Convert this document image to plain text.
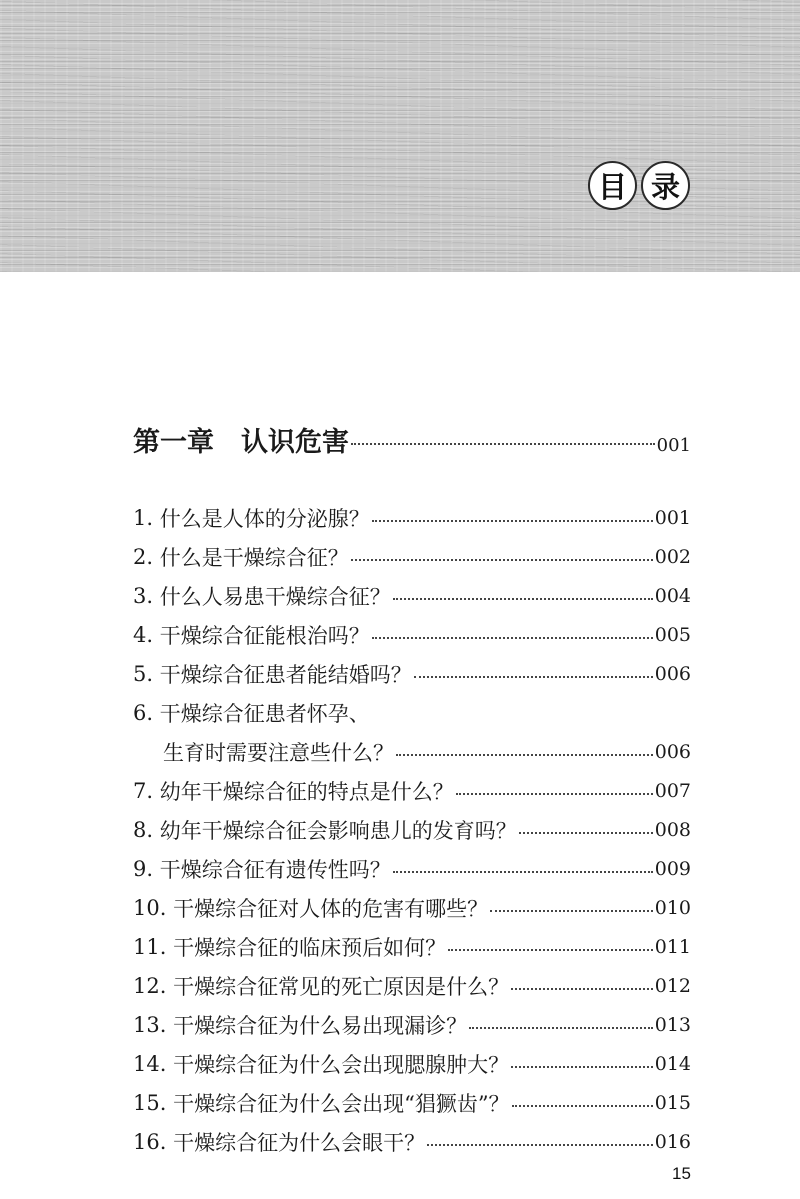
目 录
第一章　认识危害	001
1. 什么是人体的分泌腺？	001
2. 什么是干燥综合征？	002
3. 什么人易患干燥综合征？	004
4. 干燥综合征能根治吗？	005
5. 干燥综合征患者能结婚吗？	006
6. 干燥综合征患者怀孕、
生育时需要注意些什么？	006
7. 幼年干燥综合征的特点是什么？	007
8. 幼年干燥综合征会影响患儿的发育吗？	008
9. 干燥综合征有遗传性吗？	009
10. 干燥综合征对人体的危害有哪些？	010
11. 干燥综合征的临床预后如何？	011
12. 干燥综合征常见的死亡原因是什么？	012
13. 干燥综合征为什么易出现漏诊？	013
14. 干燥综合征为什么会出现腮腺肿大？	014
15. 干燥综合征为什么会出现“猖獗齿”？	015
16. 干燥综合征为什么会眼干？	016
15
